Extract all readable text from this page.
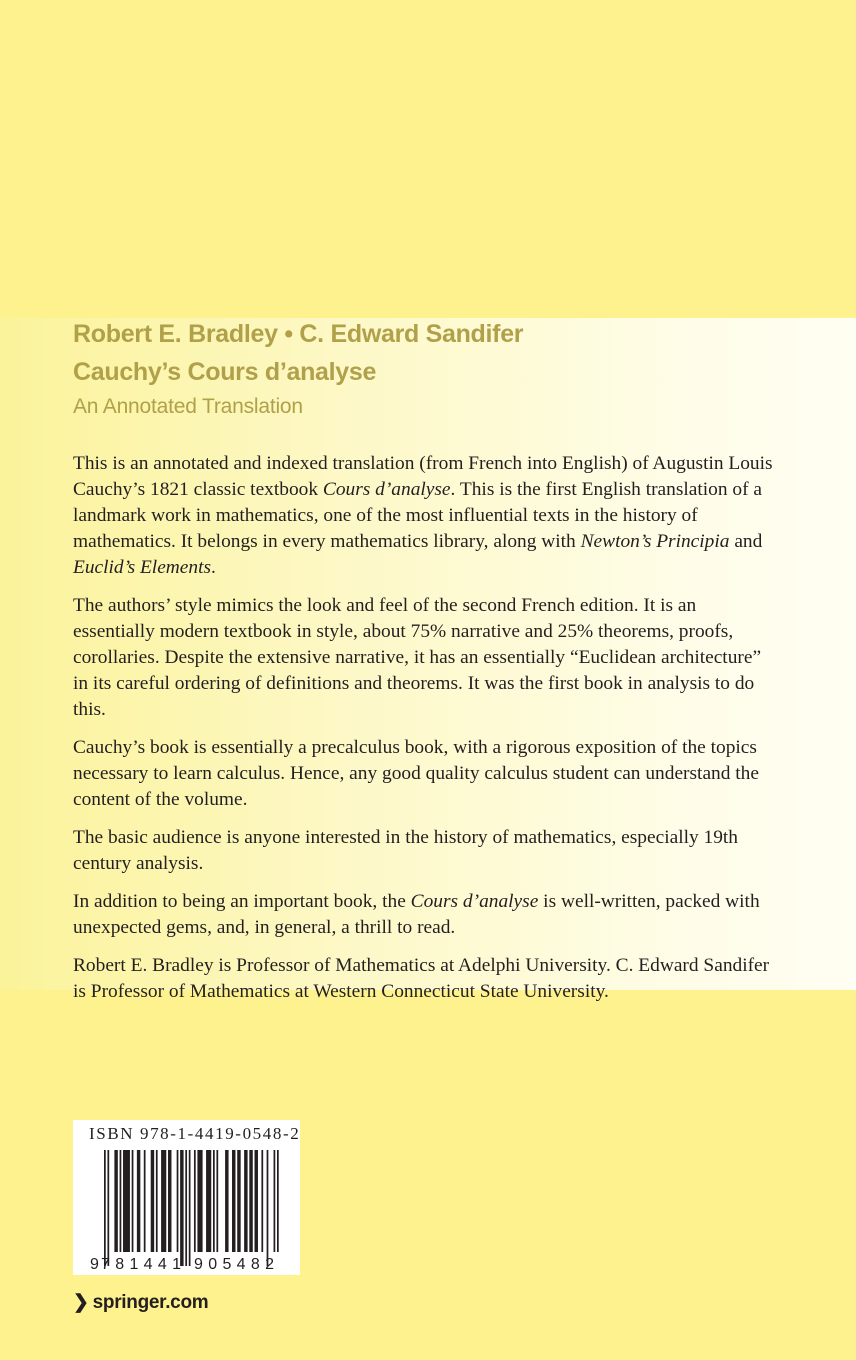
Robert E. Bradley • C. Edward Sandifer
Cauchy’s Cours d’analyse
An Annotated Translation

This is an annotated and indexed translation (from French into English) of Augustin Louis Cauchy’s 1821 classic textbook Cours d’analyse. This is the first English translation of a landmark work in mathematics, one of the most influential texts in the history of mathematics. It belongs in every mathematics library, along with Newton’s Principia and Euclid’s Elements.

The authors’ style mimics the look and feel of the second French edition. It is an essentially modern textbook in style, about 75% narrative and 25% theorems, proofs, corollaries. Despite the extensive narrative, it has an essentially “Euclidean architecture” in its careful ordering of definitions and theorems. It was the first book in analysis to do this.

Cauchy’s book is essentially a precalculus book, with a rigorous exposition of the topics necessary to learn calculus. Hence, any good quality calculus student can understand the content of the volume.

The basic audience is anyone interested in the history of mathematics, especially 19th century analysis.

In addition to being an important book, the Cours d’analyse is well-written, packed with unexpected gems, and, in general, a thrill to read.

Robert E. Bradley is Professor of Mathematics at Adelphi University. C. Edward Sandifer is Professor of Mathematics at Western Connecticut State University.

ISBN 978-1-4419-0548-2
9 781441 905482
❯ springer.com
